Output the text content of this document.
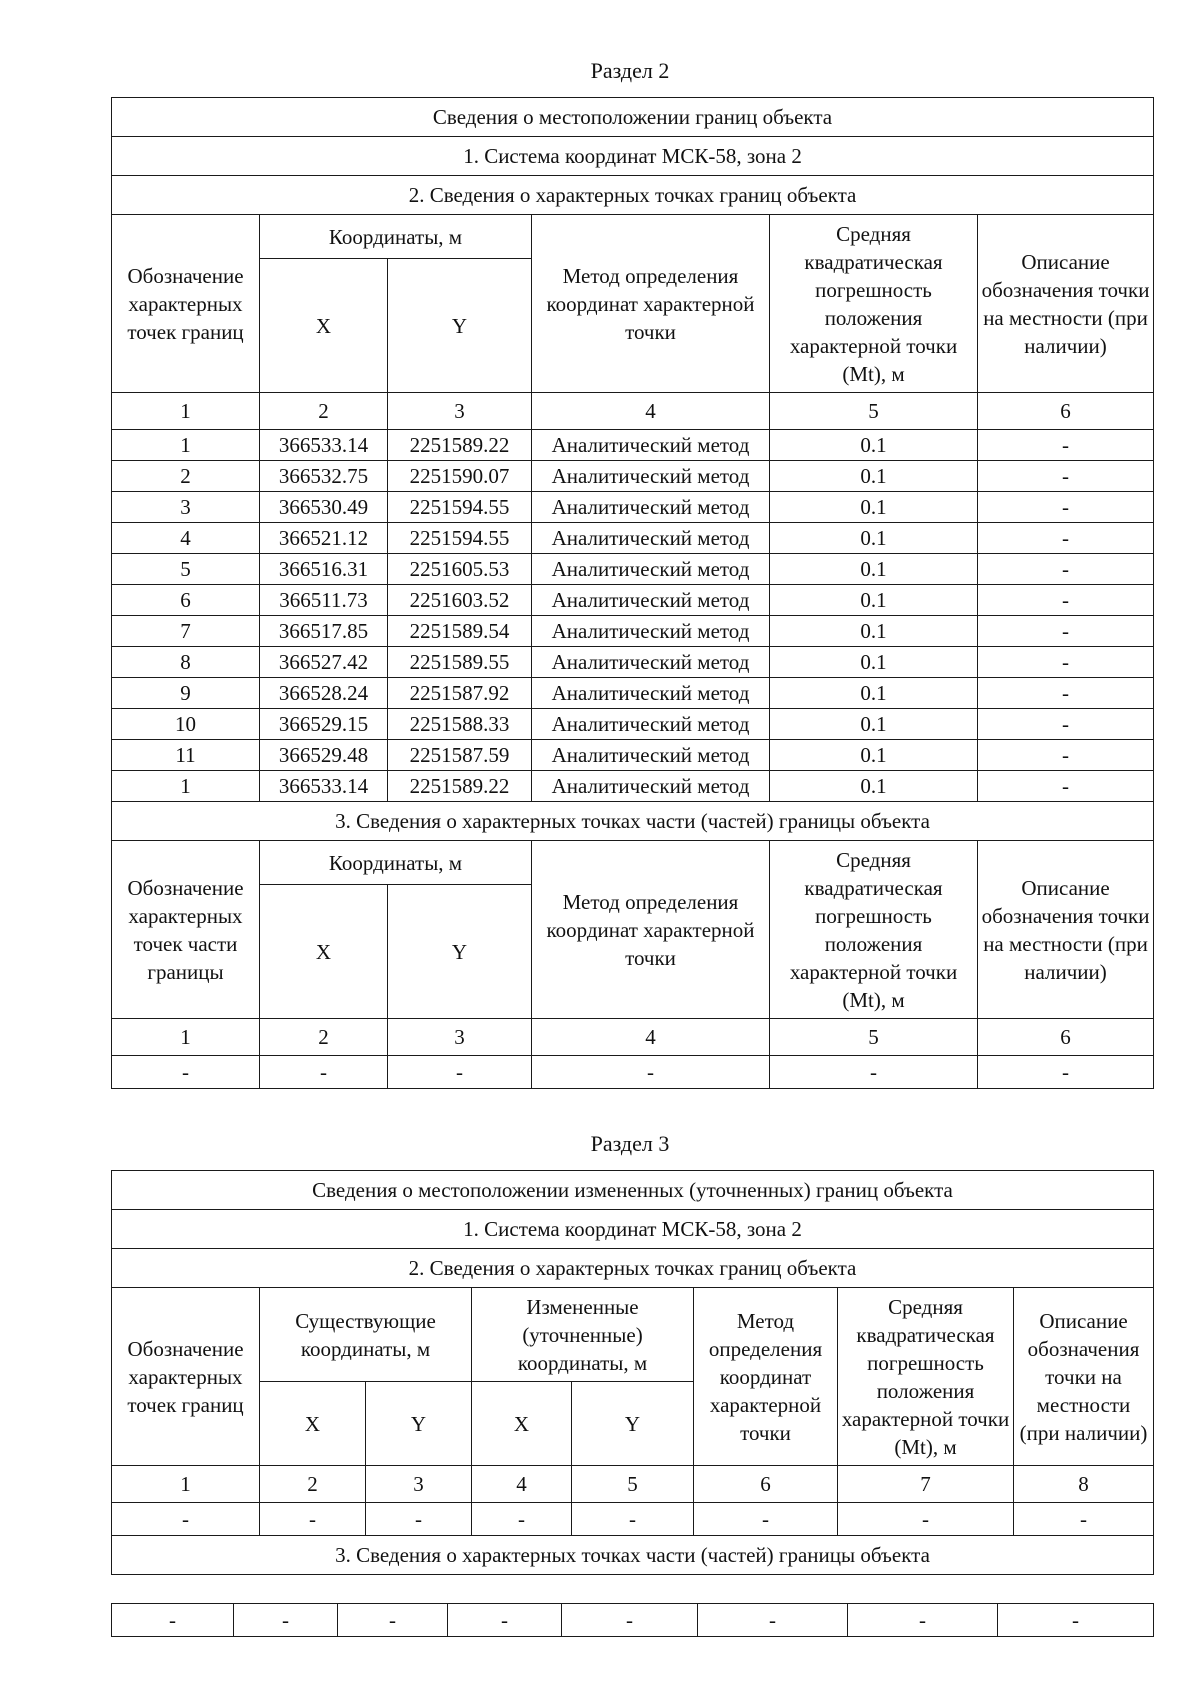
Раздел 2
Сведения о местоположении границ объекта					
1. Система координат МСК-58, зона 2					
2. Сведения о характерных точках границ объекта					
Обозначение характерных точек границ	Координаты, м		Метод определения координат характерной точки	Средняя квадратическая погрешность положения характерной точки (Mt), м	Описание обозначения точки на местности (при наличии)
	X	Y			
1	2	3	4	5	6
1	366533.14	2251589.22	Аналитический метод	0.1	-
2	366532.75	2251590.07	Аналитический метод	0.1	-
3	366530.49	2251594.55	Аналитический метод	0.1	-
4	366521.12	2251594.55	Аналитический метод	0.1	-
5	366516.31	2251605.53	Аналитический метод	0.1	-
6	366511.73	2251603.52	Аналитический метод	0.1	-
7	366517.85	2251589.54	Аналитический метод	0.1	-
8	366527.42	2251589.55	Аналитический метод	0.1	-
9	366528.24	2251587.92	Аналитический метод	0.1	-
10	366529.15	2251588.33	Аналитический метод	0.1	-
11	366529.48	2251587.59	Аналитический метод	0.1	-
1	366533.14	2251589.22	Аналитический метод	0.1	-
3. Сведения о характерных точках части (частей) границы объекта					
Обозначение характерных точек части границы	Координаты, м		Метод определения координат характерной точки	Средняя квадратическая погрешность положения характерной точки (Mt), м	Описание обозначения точки на местности (при наличии)
	X	Y			
1	2	3	4	5	6
-	-	-	-	-	-
Раздел 3
Сведения о местоположении измененных (уточненных) границ объекта							
1. Система координат МСК-58, зона 2							
2. Сведения о характерных точках границ объекта							
Обозначение характерных точек границ	Существующие координаты, м		Измененные (уточненные) координаты, м		Метод определения координат характерной точки	Средняя квадратическая погрешность положения характерной точки (Mt), м	Описание обозначения точки на местности (при наличии)
	X	Y	X	Y			
1	2	3	4	5	6	7	8
-	-	-	-	-	-	-	-
3. Сведения о характерных точках части (частей) границы объекта							
-	-	-	-	-	-	-	-	
